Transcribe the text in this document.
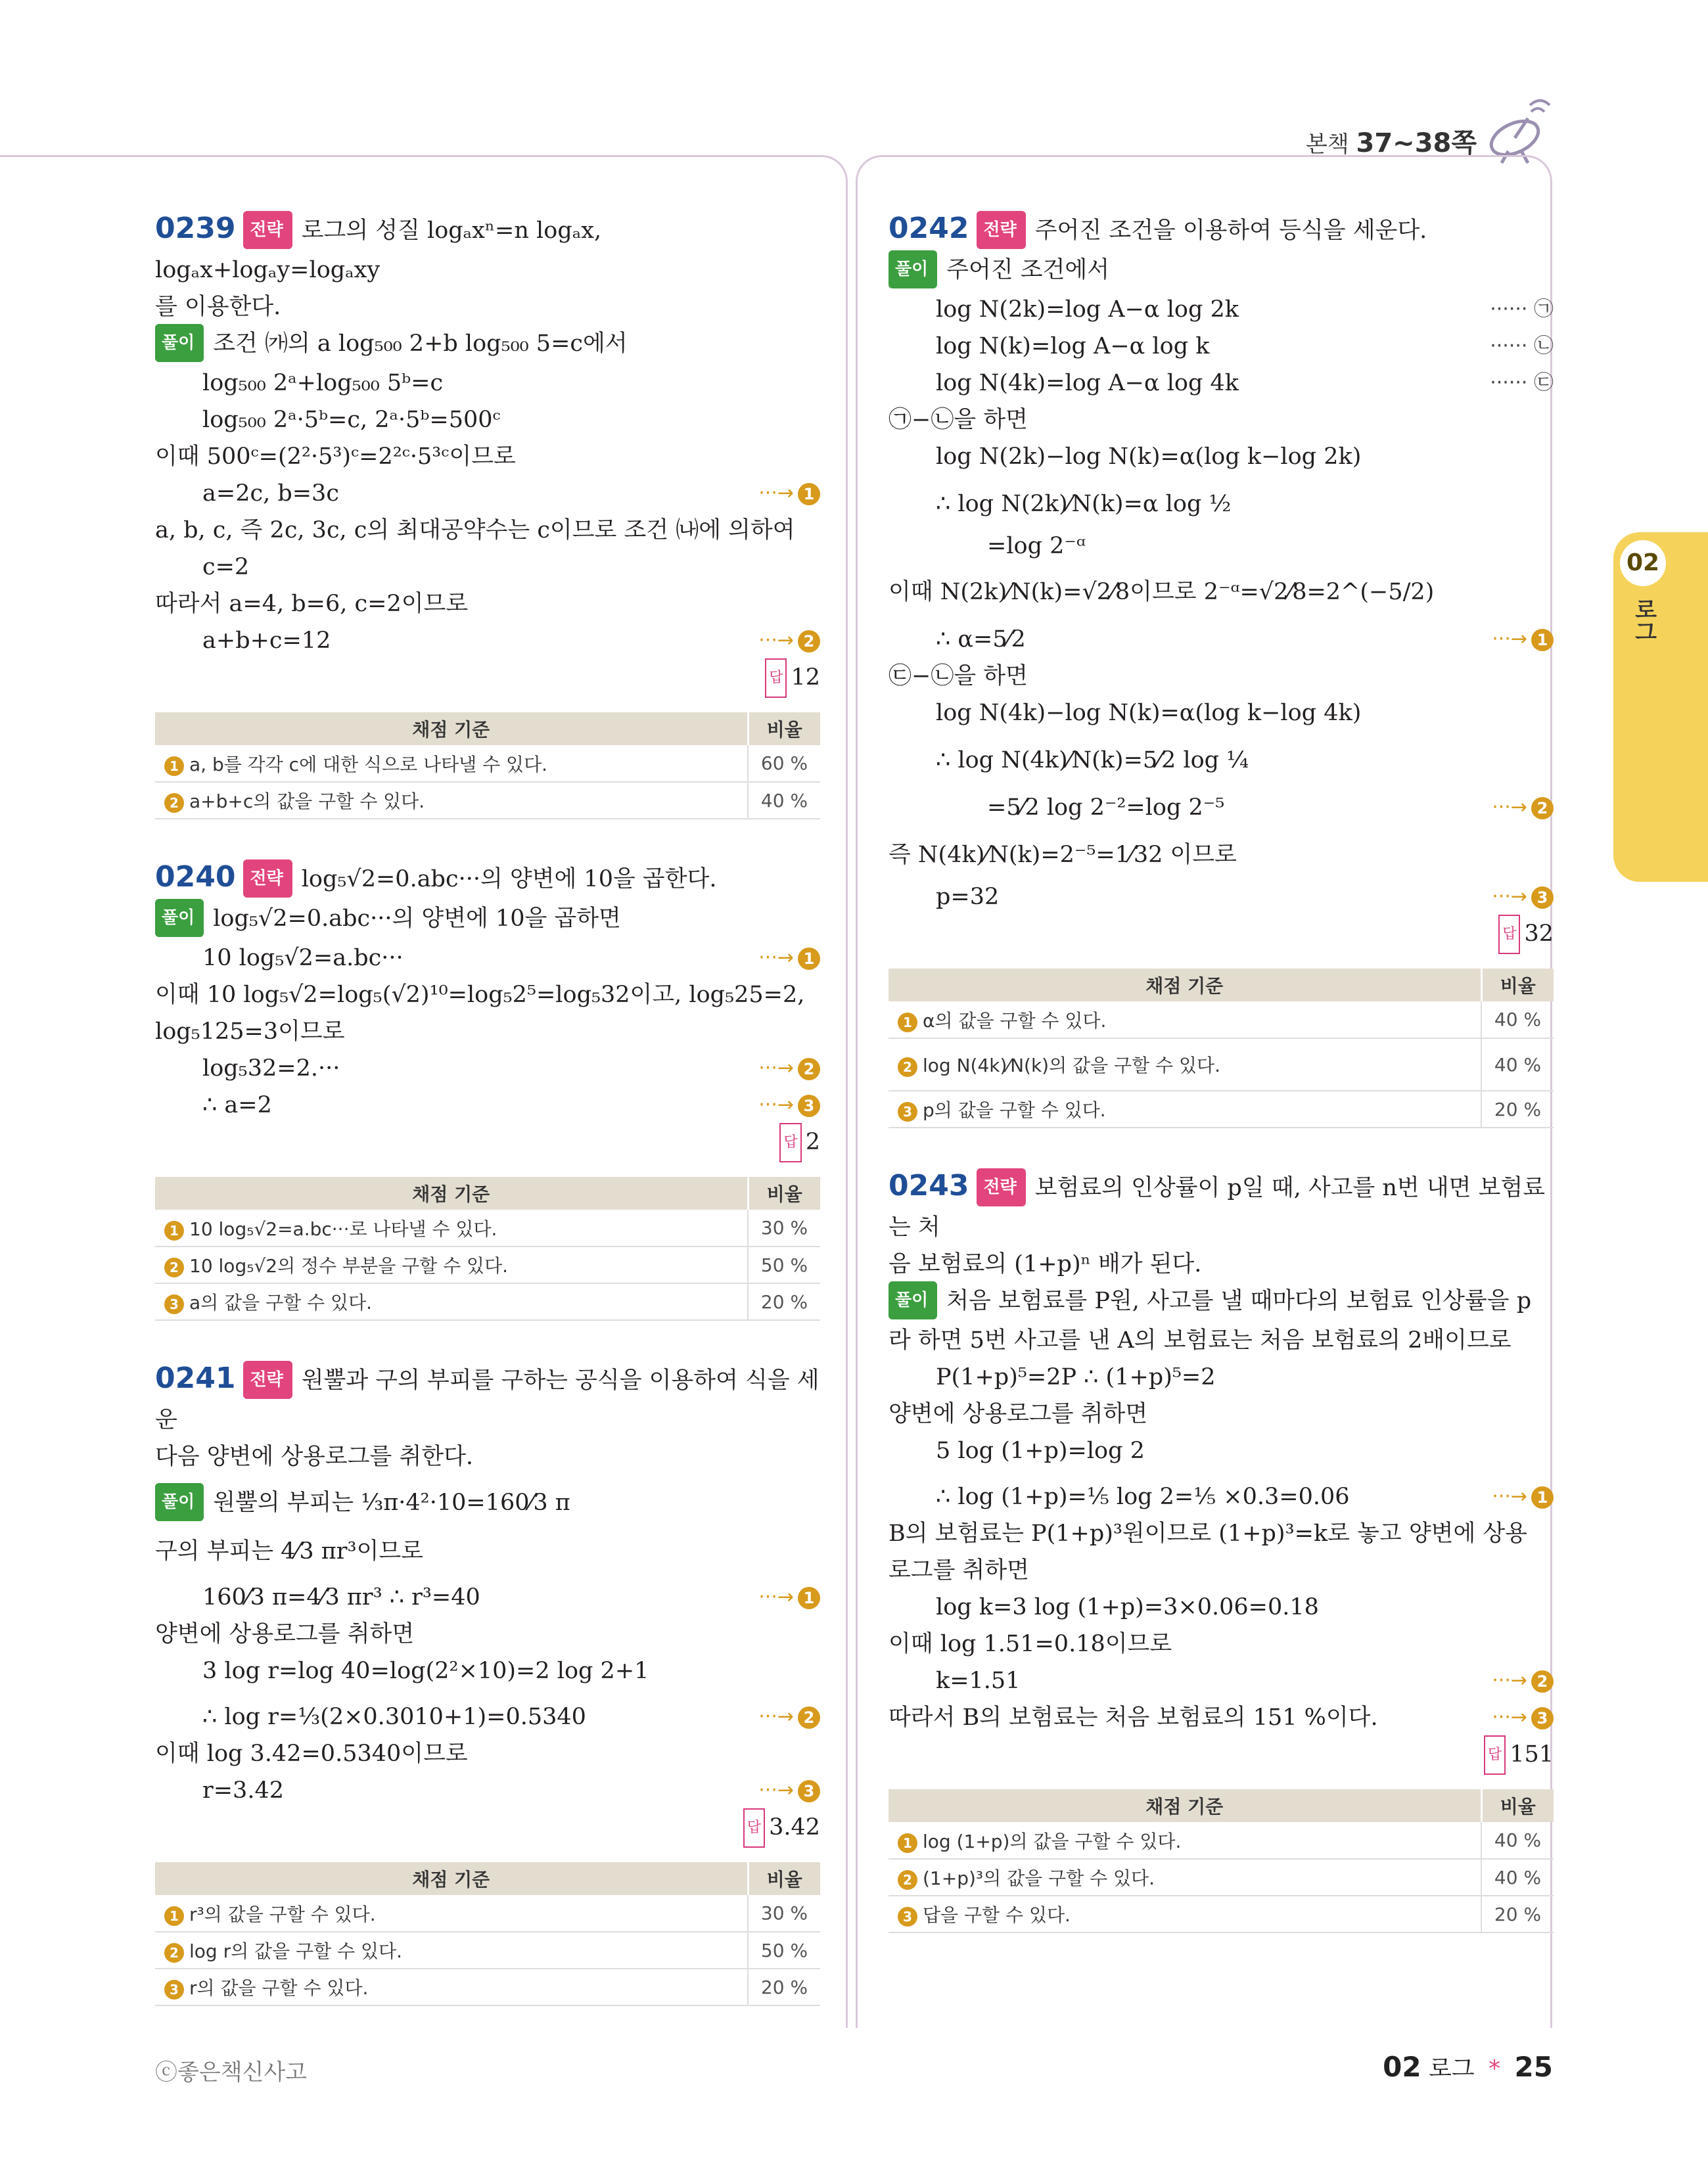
본책 37~38쪽
02
로그
0239 전략 로그의 성질 logₐxⁿ=n logₐx, logₐx+logₐy=logₐxy
를 이용한다.
풀이 조건 ㈎의 a log₅₀₀ 2+b log₅₀₀ 5=c에서
log₅₀₀ 2ᵃ+log₅₀₀ 5ᵇ=c
log₅₀₀ 2ᵃ·5ᵇ=c, 2ᵃ·5ᵇ=500ᶜ
이때 500ᶜ=(2²·5³)ᶜ=2²ᶜ·5³ᶜ이므로
a=2c, b=3c	···→ 1
a, b, c, 즉 2c, 3c, c의 최대공약수는 c이므로 조건 ㈏에 의하여
c=2
따라서 a=4, b=6, c=2이므로
a+b+c=12	···→ 2
답 12
채점 기준	비율
1 a, b를 각각 c에 대한 식으로 나타낼 수 있다.	60 %
2 a+b+c의 값을 구할 수 있다.	40 %
0240 전략 log₅√2=0.abc···의 양변에 10을 곱한다.
풀이 log₅√2=0.abc···의 양변에 10을 곱하면
10 log₅√2=a.bc···	···→ 1
이때 10 log₅√2=log₅(√2)¹⁰=log₅2⁵=log₅32이고, log₅25=2,
log₅125=3이므로
log₅32=2.···	···→ 2
∴ a=2	···→ 3
답 2
채점 기준	비율
1 10 log₅√2=a.bc···로 나타낼 수 있다.	30 %
2 10 log₅√2의 정수 부분을 구할 수 있다.	50 %
3 a의 값을 구할 수 있다.	20 %
0241 전략 원뿔과 구의 부피를 구하는 공식을 이용하여 식을 세운
다음 양변에 상용로그를 취한다.
풀이 원뿔의 부피는 ⅓π·4²·10=160⁄3 π
구의 부피는 4⁄3 πr³이므로
160⁄3 π=4⁄3 πr³ ∴ r³=40	···→ 1
양변에 상용로그를 취하면
3 log r=log 40=log(2²×10)=2 log 2+1
∴ log r=⅓(2×0.3010+1)=0.5340	···→ 2
이때 log 3.42=0.5340이므로
r=3.42	···→ 3
답 3.42
채점 기준	비율
1 r³의 값을 구할 수 있다.	30 %
2 log r의 값을 구할 수 있다.	50 %
3 r의 값을 구할 수 있다.	20 %
0242 전략 주어진 조건을 이용하여 등식을 세운다.
풀이 주어진 조건에서
log N(2k)=log A−α log 2k	······ ㉠
log N(k)=log A−α log k	······ ㉡
log N(4k)=log A−α log 4k	······ ㉢
㉠−㉡을 하면
log N(2k)−log N(k)=α(log k−log 2k)
∴ log N(2k)⁄N(k)=α log ½
=log 2⁻ᵅ
이때 N(2k)⁄N(k)=√2⁄8이므로 2⁻ᵅ=√2⁄8=2^(−5/2)
∴ α=5⁄2	···→ 1
㉢−㉡을 하면
log N(4k)−log N(k)=α(log k−log 4k)
∴ log N(4k)⁄N(k)=5⁄2 log ¼
=5⁄2 log 2⁻²=log 2⁻⁵	···→ 2
즉 N(4k)⁄N(k)=2⁻⁵=1⁄32 이므로
p=32	···→ 3
답 32
채점 기준	비율
1 α의 값을 구할 수 있다.	40 %
2 log N(4k)⁄N(k)의 값을 구할 수 있다.	40 %
3 p의 값을 구할 수 있다.	20 %
0243 전략 보험료의 인상률이 p일 때, 사고를 n번 내면 보험료는 처
음 보험료의 (1+p)ⁿ 배가 된다.
풀이 처음 보험료를 P원, 사고를 낼 때마다의 보험료 인상률을 p
라 하면 5번 사고를 낸 A의 보험료는 처음 보험료의 2배이므로
P(1+p)⁵=2P ∴ (1+p)⁵=2
양변에 상용로그를 취하면
5 log (1+p)=log 2
∴ log (1+p)=⅕ log 2=⅕ ×0.3=0.06	···→ 1
B의 보험료는 P(1+p)³원이므로 (1+p)³=k로 놓고 양변에 상용
로그를 취하면
log k=3 log (1+p)=3×0.06=0.18
이때 log 1.51=0.18이므로
k=1.51	···→ 2
따라서 B의 보험료는 처음 보험료의 151 %이다.	···→ 3
답 151
채점 기준	비율
1 log (1+p)의 값을 구할 수 있다.	40 %
2 (1+p)³의 값을 구할 수 있다.	40 %
3 답을 구할 수 있다.	20 %
ⓒ좋은책신사고	02 로그 * 25
